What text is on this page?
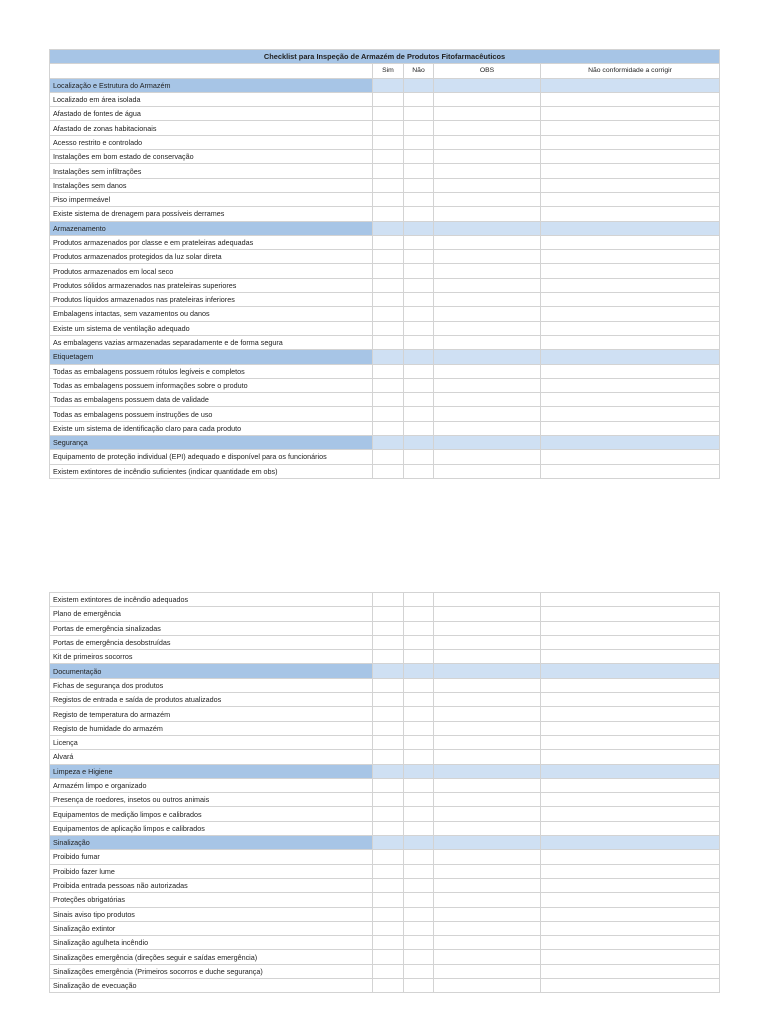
Checklist para Inspeção de Armazém de Produtos Fitofarmacêuticos				
	Sim	Não	OBS	Não conformidade a corrigir
Localização e Estrutura do Armazém				
Localizado em área isolada				
Afastado de fontes de água				
Afastado de zonas habitacionais				
Acesso restrito e controlado				
Instalações em bom estado de conservação				
Instalações sem infiltrações				
Instalações sem danos				
Piso impermeável				
Existe sistema de drenagem para possíveis derrames				
Armazenamento				
Produtos armazenados por classe e em prateleiras adequadas				
Produtos armazenados protegidos da luz solar direta				
Produtos armazenados em local seco				
Produtos sólidos armazenados nas prateleiras superiores				
Produtos líquidos armazenados nas prateleiras inferiores				
Embalagens intactas, sem vazamentos ou danos				
Existe um sistema de ventilação adequado				
As embalagens vazias armazenadas separadamente e de forma segura				
Etiquetagem				
Todas as embalagens possuem rótulos legíveis e completos				
Todas as embalagens possuem informações sobre o produto				
Todas as embalagens possuem data de validade				
Todas as embalagens possuem instruções de uso				
Existe um sistema de identificação claro para cada produto				
Segurança				
Equipamento de proteção individual (EPI) adequado e disponível para os funcionários				
Existem extintores de incêndio suficientes (indicar quantidade em obs)				
Existem extintores de incêndio adequados				
Plano de emergência				
Portas de emergência sinalizadas				
Portas de emergência desobstruídas				
Kit de primeiros socorros				
Documentação				
Fichas de segurança dos produtos				
Registos de entrada e saída de produtos atualizados				
Registo de temperatura do armazém				
Registo de humidade do armazém				
Licença				
Alvará				
Limpeza e Higiene				
Armazém limpo e organizado				
Presença de roedores, insetos ou outros animais				
Equipamentos de medição limpos e calibrados				
Equipamentos de aplicação limpos e calibrados				
Sinalização				
Proibido fumar				
Proibido fazer lume				
Proibida entrada pessoas não autorizadas				
Proteções obrigatórias				
Sinais aviso tipo produtos				
Sinalização extintor				
Sinalização agulheta incêndio				
Sinalizações emergência (direções seguir e saídas emergência)				
Sinalizações emergência (Primeiros socorros e duche segurança)				
Sinalização de evecuação				
